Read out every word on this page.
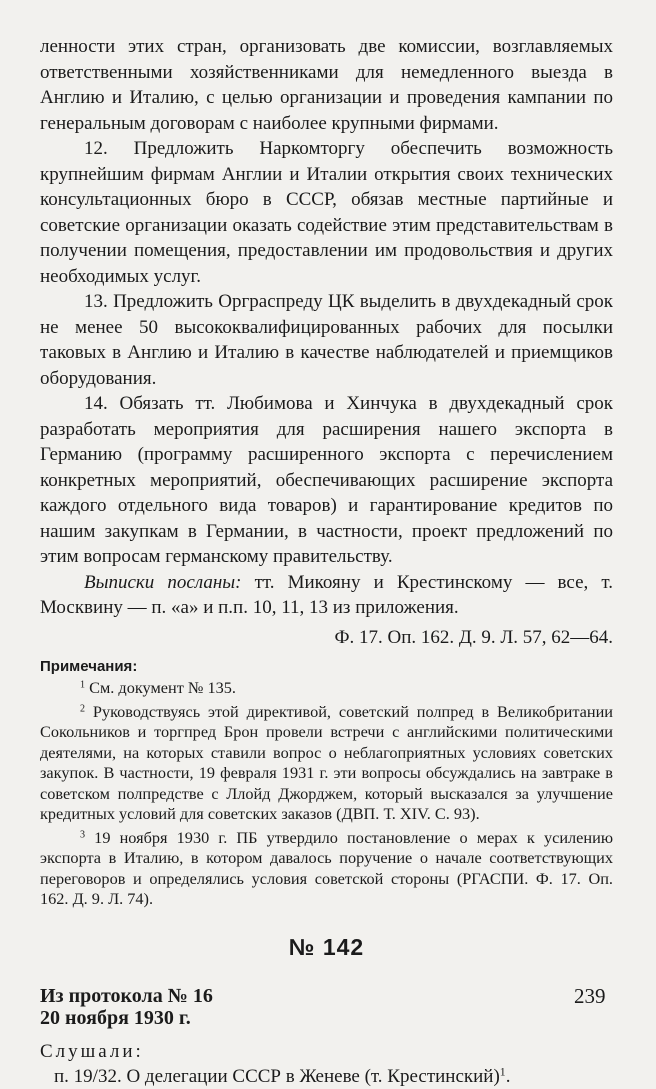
ленности этих стран, организовать две комиссии, возглавляемых ответственными хозяйственниками для немедленного выезда в Англию и Италию, с целью организации и проведения кампании по генеральным договорам с наиболее крупными фирмами.

12. Предложить Наркомторгу обеспечить возможность крупнейшим фирмам Англии и Италии открытия своих технических консультационных бюро в СССР, обязав местные партийные и советские организации оказать содействие этим представительствам в получении помещения, предоставлении им продовольствия и других необходимых услуг.

13. Предложить Орграспреду ЦК выделить в двухдекадный срок не менее 50 высококвалифицированных рабочих для посылки таковых в Англию и Италию в качестве наблюдателей и приемщиков оборудования.

14. Обязать тт. Любимова и Хинчука в двухдекадный срок разработать мероприятия для расширения нашего экспорта в Германию (программу расширенного экспорта с перечислением конкретных мероприятий, обеспечивающих расширение экспорта каждого отдельного вида товаров) и гарантирование кредитов по нашим закупкам в Германии, в частности, проект предложений по этим вопросам германскому правительству.

Выписки посланы: тт. Микояну и Крестинскому — все, т. Москвину — п. «а» и п.п. 10, 11, 13 из приложения.

Ф. 17. Оп. 162. Д. 9. Л. 57, 62—64.
Примечания:

$^1$ См. документ № 135.

$^2$ Руководствуясь этой директивой, советский полпред в Великобритании Сокольников и торгпред Брон провели встречи с английскими политическими деятелями, на которых ставили вопрос о неблагоприятных условиях советских закупок. В частности, 19 февраля 1931 г. эти вопросы обсуждались на завтраке в советском полпредстве с Ллойд Джорджем, который высказался за улучшение кредитных условий для советских заказов (ДВП. Т. XIV. С. 93).

$^3$ 19 ноября 1930 г. ПБ утвердило постановление о мерах к усилению экспорта в Италию, в котором давалось поручение о начале соответствующих переговоров и определялись условия советской стороны (РГАСПИ. Ф. 17. Оп. 162. Д. 9. Л. 74).

№ 142
Из протокола № 16
20 ноября 1930 г.
Слушали:

п. 19/32. О делегации СССР в Женеве (т. Крестинский)$^1$.

239
